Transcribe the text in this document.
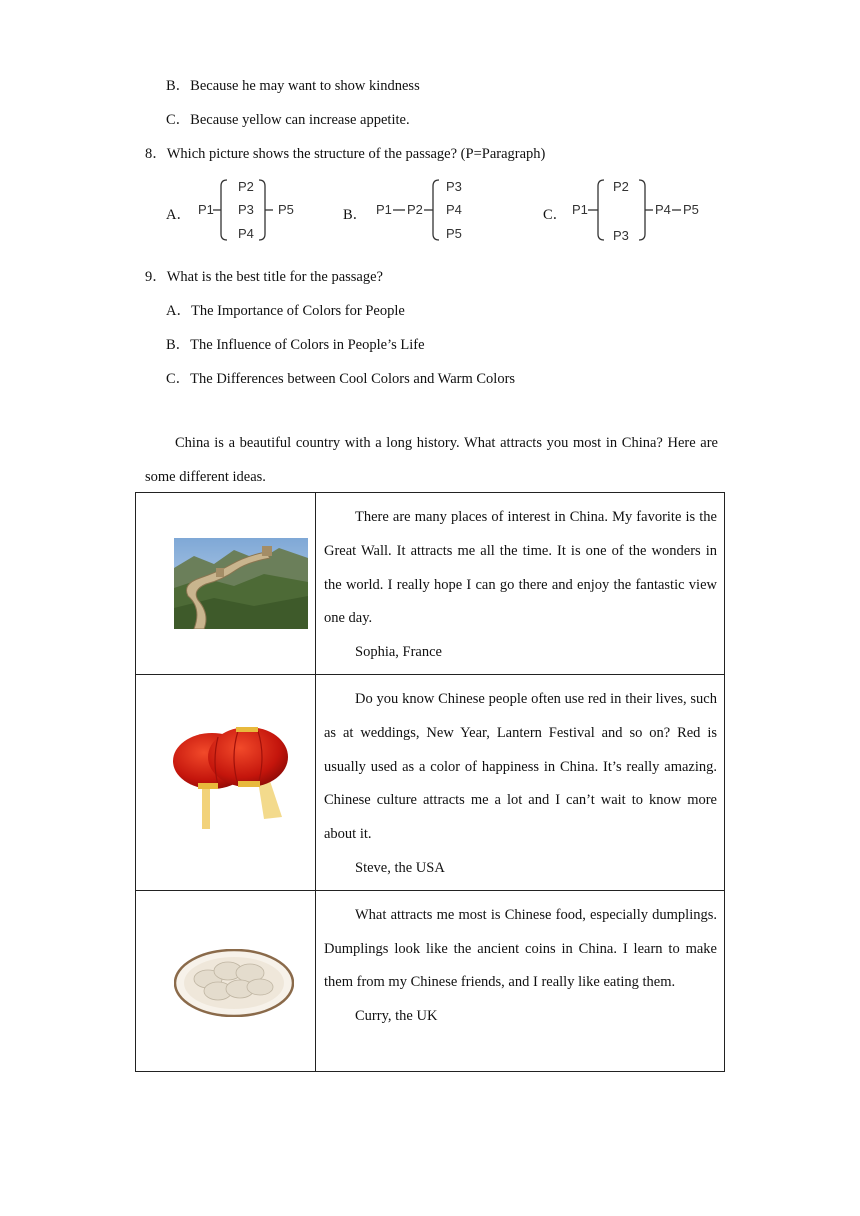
B．Because he may want to show kindness
C．Because yellow can increase appetite.
8．Which picture shows the structure of the passage? (P=Paragraph)
A． P1
P2
P3
P4
P5	B． P1 P2
P3
P4
P5
C． P1
P2
P3
P4 P5
9．What is the best title for the passage?
A．The Importance of Colors for People
B．The Influence of Colors in People’s Life
C．The Differences between Cool Colors and Warm Colors
China is a beautiful country with a long history. What attracts you most in China? Here are some different ideas.

There are many places of interest in China. My favorite is the Great Wall. It attracts me all the time. It is one of the wonders in the world. I really hope I can go there and enjoy the fantastic view one day.
Sophia, France

Do you know Chinese people often use red in their lives, such as at weddings, New Year, Lantern Festival and so on? Red is usually used as a color of happiness in China. It’s really amazing. Chinese culture attracts me a lot and I can’t wait to know more about it.
Steve, the USA

What attracts me most is Chinese food, especially dumplings. Dumplings look like the ancient coins in China. I learn to make them from my Chinese friends, and I really like eating them.
Curry, the UK
